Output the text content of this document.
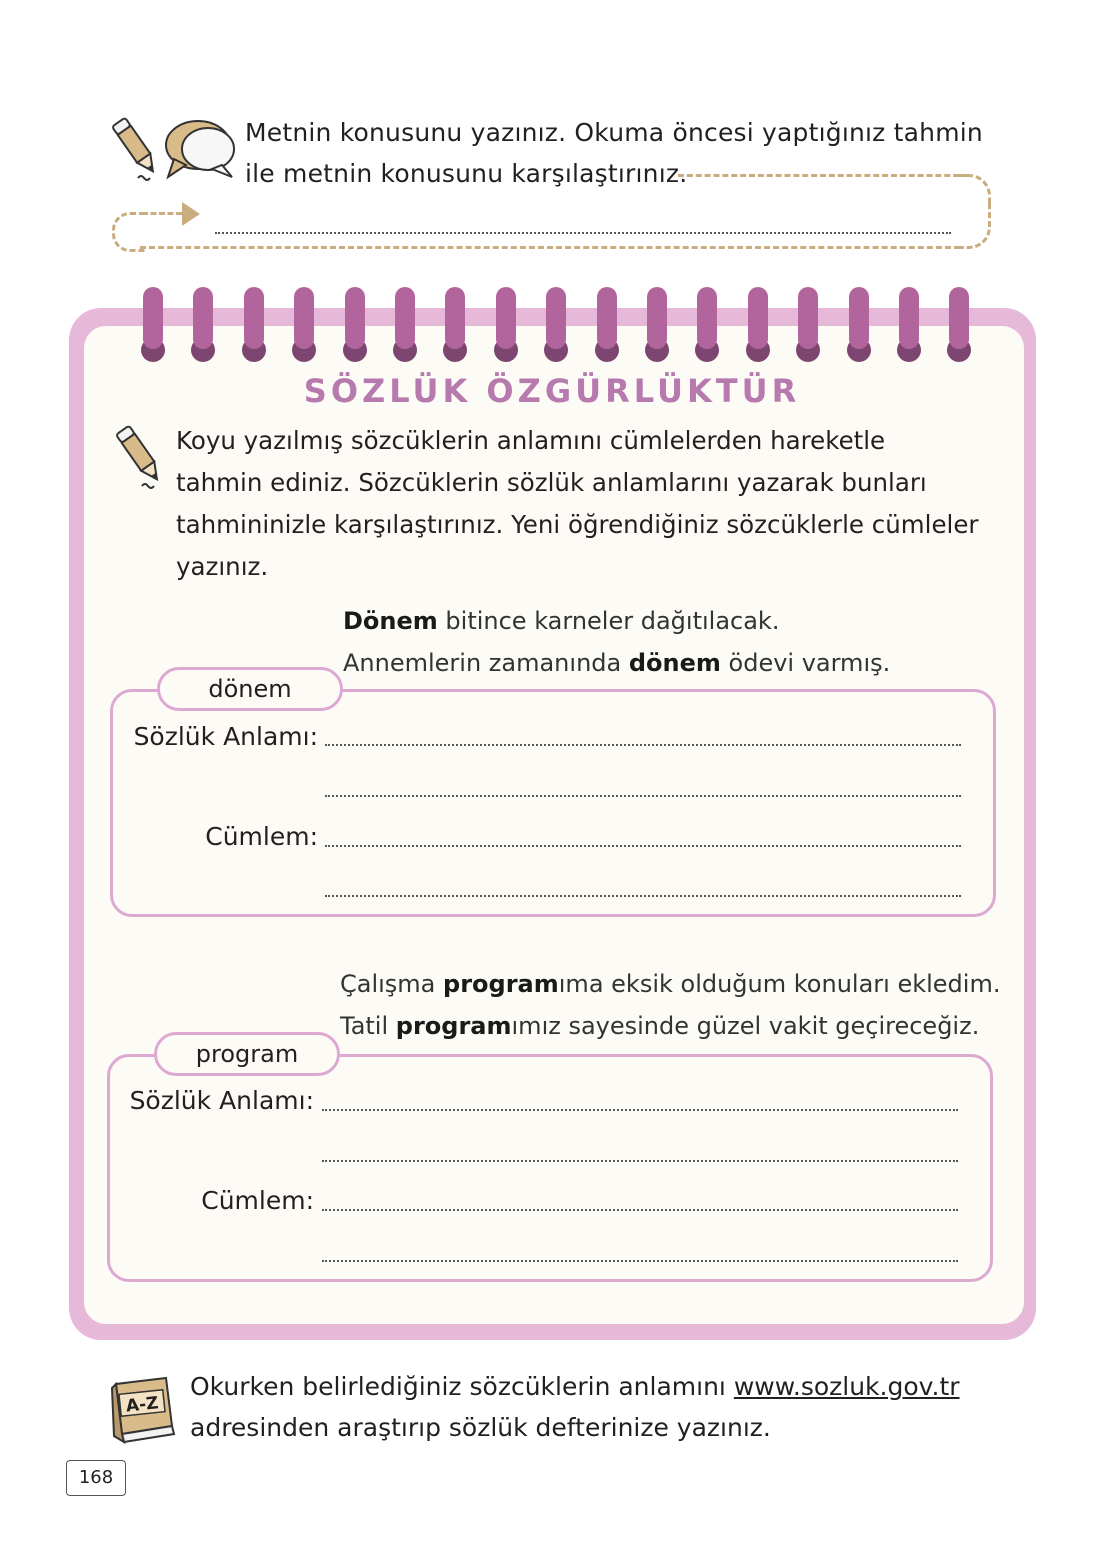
Metnin konusunu yazınız. Okuma öncesi yaptığınız tahmin
ile metnin konusunu karşılaştırınız.
SÖZLÜK ÖZGÜRLÜKTÜR
Koyu yazılmış sözcüklerin anlamını cümlelerden hareketle
tahmin ediniz. Sözcüklerin sözlük anlamlarını yazarak bunları
tahmininizle karşılaştırınız. Yeni öğrendiğiniz sözcüklerle cümleler
yazınız.
Dönem bitince karneler dağıtılacak.
Annemlerin zamanında dönem ödevi varmış.
dönem
Sözlük Anlamı:
Cümlem:
Çalışma programıma eksik olduğum konuları ekledim.
Tatil programımız sayesinde güzel vakit geçireceğiz.
program
Sözlük Anlamı:
Cümlem:
A-Z
Okurken belirlediğiniz sözcüklerin anlamını www.sozluk.gov.tr
adresinden araştırıp sözlük defterinize yazınız.
168
